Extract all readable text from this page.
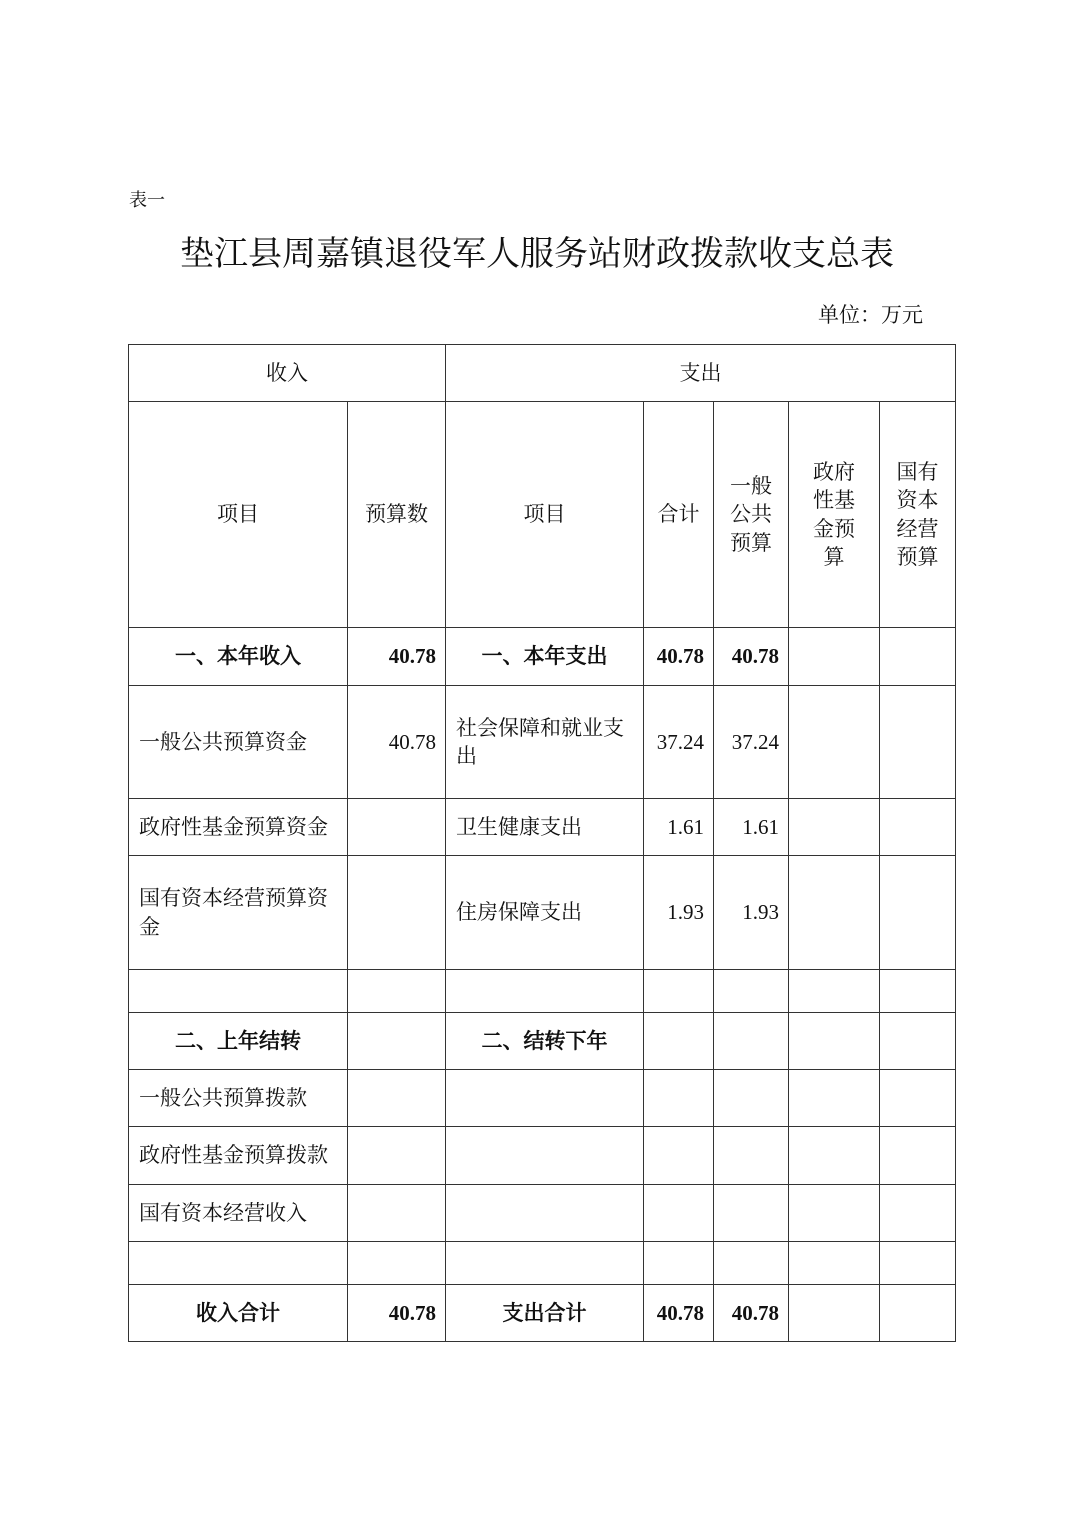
表一
垫江县周嘉镇退役军人服务站财政拨款收支总表
单位：万元
收入		支出				
项目	预算数	项目	合计	一般公共预算	政府性基金预算	国有资本经营预算
一、本年收入	40.78	一、本年支出	40.78	40.78		
一般公共预算资金	40.78	社会保障和就业支出	37.24	37.24		
政府性基金预算资金		卫生健康支出	1.61	1.61		
国有资本经营预算资金		住房保障支出	1.93	1.93		

二、上年结转		二、结转下年				
一般公共预算拨款						
政府性基金预算拨款						
国有资本经营收入						

收入合计	40.78	支出合计	40.78	40.78		
